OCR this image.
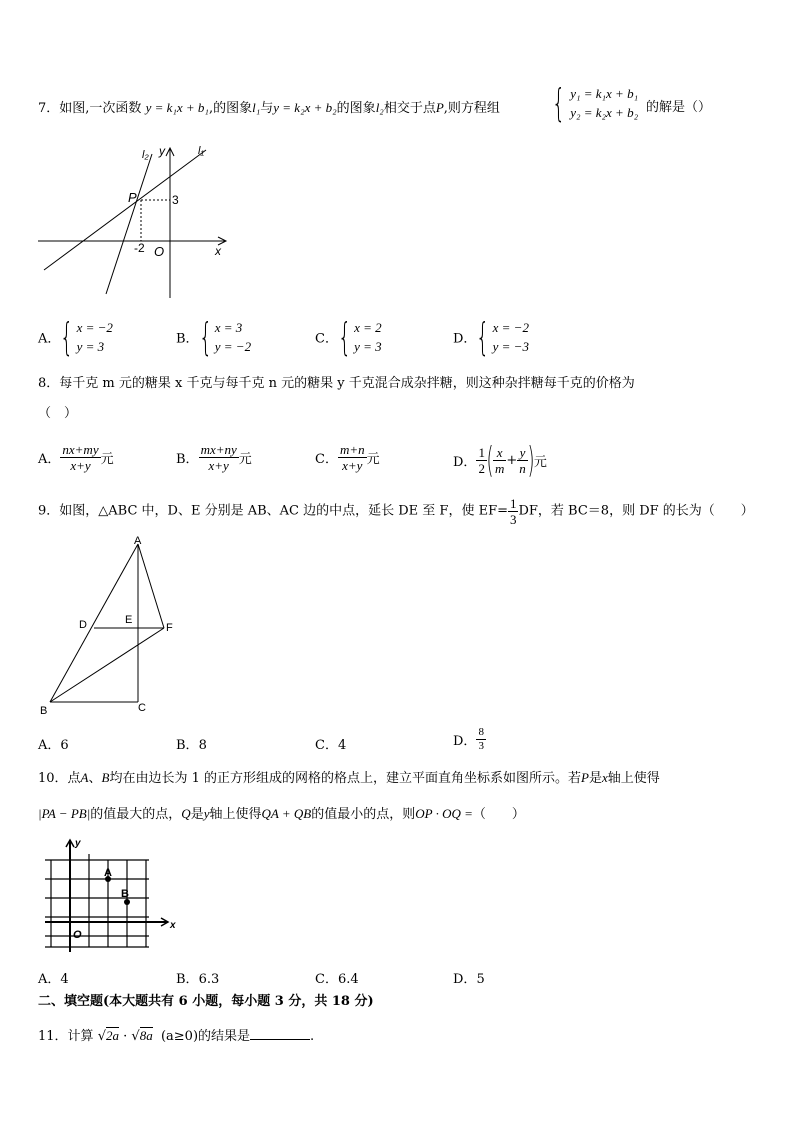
7．如图,一次函数 y = k₁x + b₁,的图象l₁与y = k₂x + b₂的图象l₂相交于点P,则方程组 { y₁ = k₁x + b₁
y₂ = k₂x + b₂ 的解是（）
l₂	l₁
y
x
P
O
3
-2
A．{ x = −2
y = 3	B．{ x = 3
y = −2	C．{ x = 2
y = 3	D．{ x = −2
y = −3
8．每千克 m 元的糖果 x 千克与每千克 n 元的糖果 y 千克混合成杂拌糖，则这种杂拌糖每千克的价格为
（　）
A． $\frac{nx+my}{x+y}$ 元	B． $\frac{mx+ny}{x+y}$ 元	C． $\frac{m+n}{x+y}$ 元	D． $\frac{1}{2}$ ( $\frac{x}{m} + \frac{y}{n}$ )元
9．如图，△ABC 中，D、E 分别是 AB、AC 边的中点，延长 DE 至 F，使 $EF= \frac{1}{3}$ DF，若 BC＝8，则 DF 的长为（　　）
A
B	C
D	E
F
A．6	B．8	C．4	D． $\frac{8}{3}$
10．点A、B均在由边长为 1 的正方形组成的网格的格点上，建立平面直角坐标系如图所示。若P是x轴上使得
|PA − PB|的值最大的点，Q是y轴上使得QA + QB的值最小的点，则OP · OQ =（　　）
y
x
O
A
B
A．4	B．6.3	C．6.4	D．5
二、填空题(本大题共有 6 小题，每小题 3 分，共 18 分)
11．计算 √2a · √8a (a≥0)的结果是	.
